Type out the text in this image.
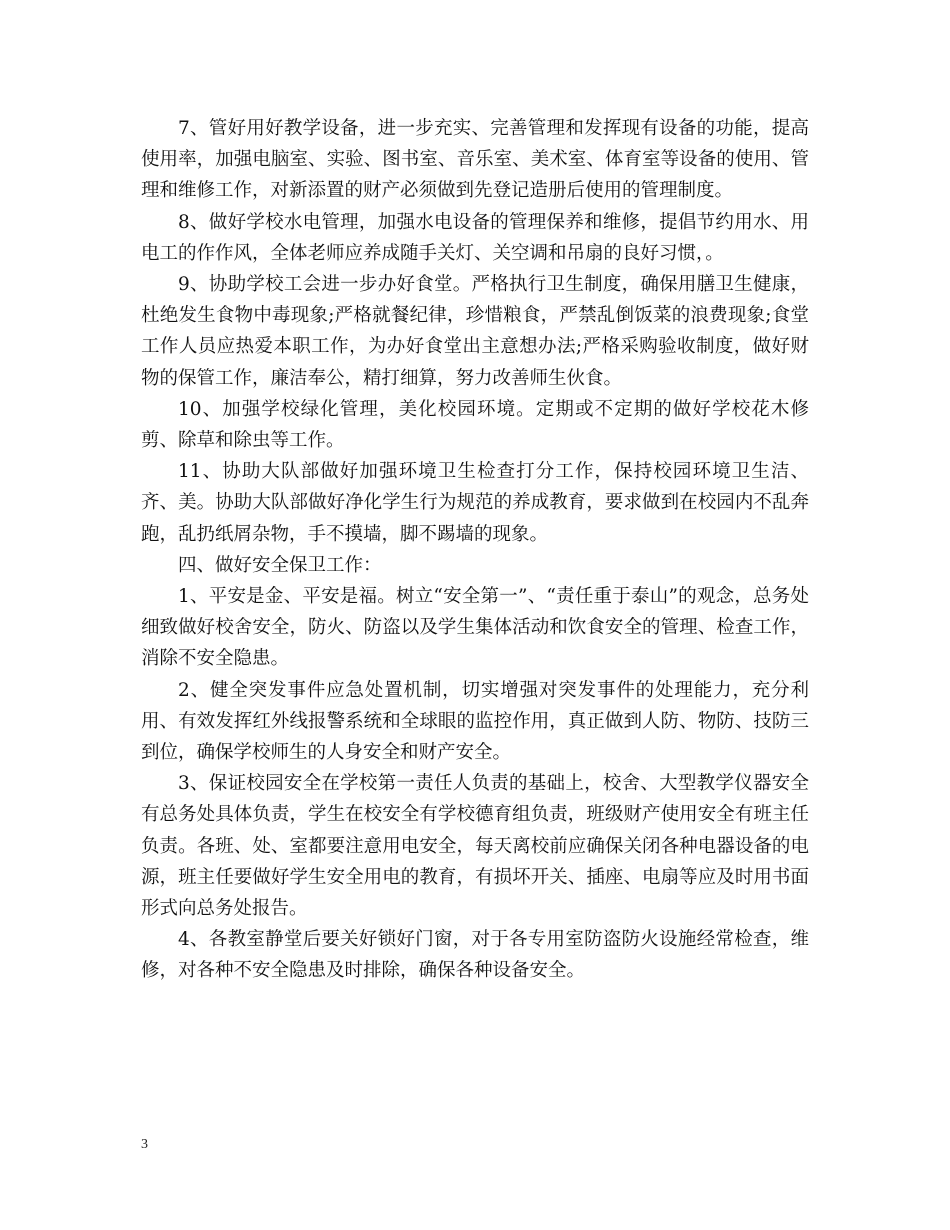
7、管好用好教学设备，进一步充实、完善管理和发挥现有设备的功能，提高使用率，加强电脑室、实验、图书室、音乐室、美术室、体育室等设备的使用、管理和维修工作，对新添置的财产必须做到先登记造册后使用的管理制度。

8、做好学校水电管理，加强水电设备的管理保养和维修，提倡节约用水、用电工的作作风，全体老师应养成随手关灯、关空调和吊扇的良好习惯，。

9、协助学校工会进一步办好食堂。严格执行卫生制度，确保用膳卫生健康，杜绝发生食物中毒现象;严格就餐纪律，珍惜粮食，严禁乱倒饭菜的浪费现象;食堂工作人员应热爱本职工作，为办好食堂出主意想办法;严格采购验收制度，做好财物的保管工作，廉洁奉公，精打细算，努力改善师生伙食。

10、加强学校绿化管理，美化校园环境。定期或不定期的做好学校花木修剪、除草和除虫等工作。

11、协助大队部做好加强环境卫生检查打分工作，保持校园环境卫生洁、齐、美。协助大队部做好净化学生行为规范的养成教育，要求做到在校园内不乱奔跑，乱扔纸屑杂物，手不摸墙，脚不踢墙的现象。

四、做好安全保卫工作：

1、平安是金、平安是福。树立“安全第一”、“责任重于泰山”的观念，总务处细致做好校舍安全，防火、防盗以及学生集体活动和饮食安全的管理、检查工作，消除不安全隐患。

2、健全突发事件应急处置机制，切实增强对突发事件的处理能力，充分利用、有效发挥红外线报警系统和全球眼的监控作用，真正做到人防、物防、技防三到位，确保学校师生的人身安全和财产安全。

3、保证校园安全在学校第一责任人负责的基础上，校舍、大型教学仪器安全有总务处具体负责，学生在校安全有学校德育组负责，班级财产使用安全有班主任负责。各班、处、室都要注意用电安全，每天离校前应确保关闭各种电器设备的电源，班主任要做好学生安全用电的教育，有损坏开关、插座、电扇等应及时用书面形式向总务处报告。

4、各教室静堂后要关好锁好门窗，对于各专用室防盗防火设施经常检查，维修，对各种不安全隐患及时排除，确保各种设备安全。

3
